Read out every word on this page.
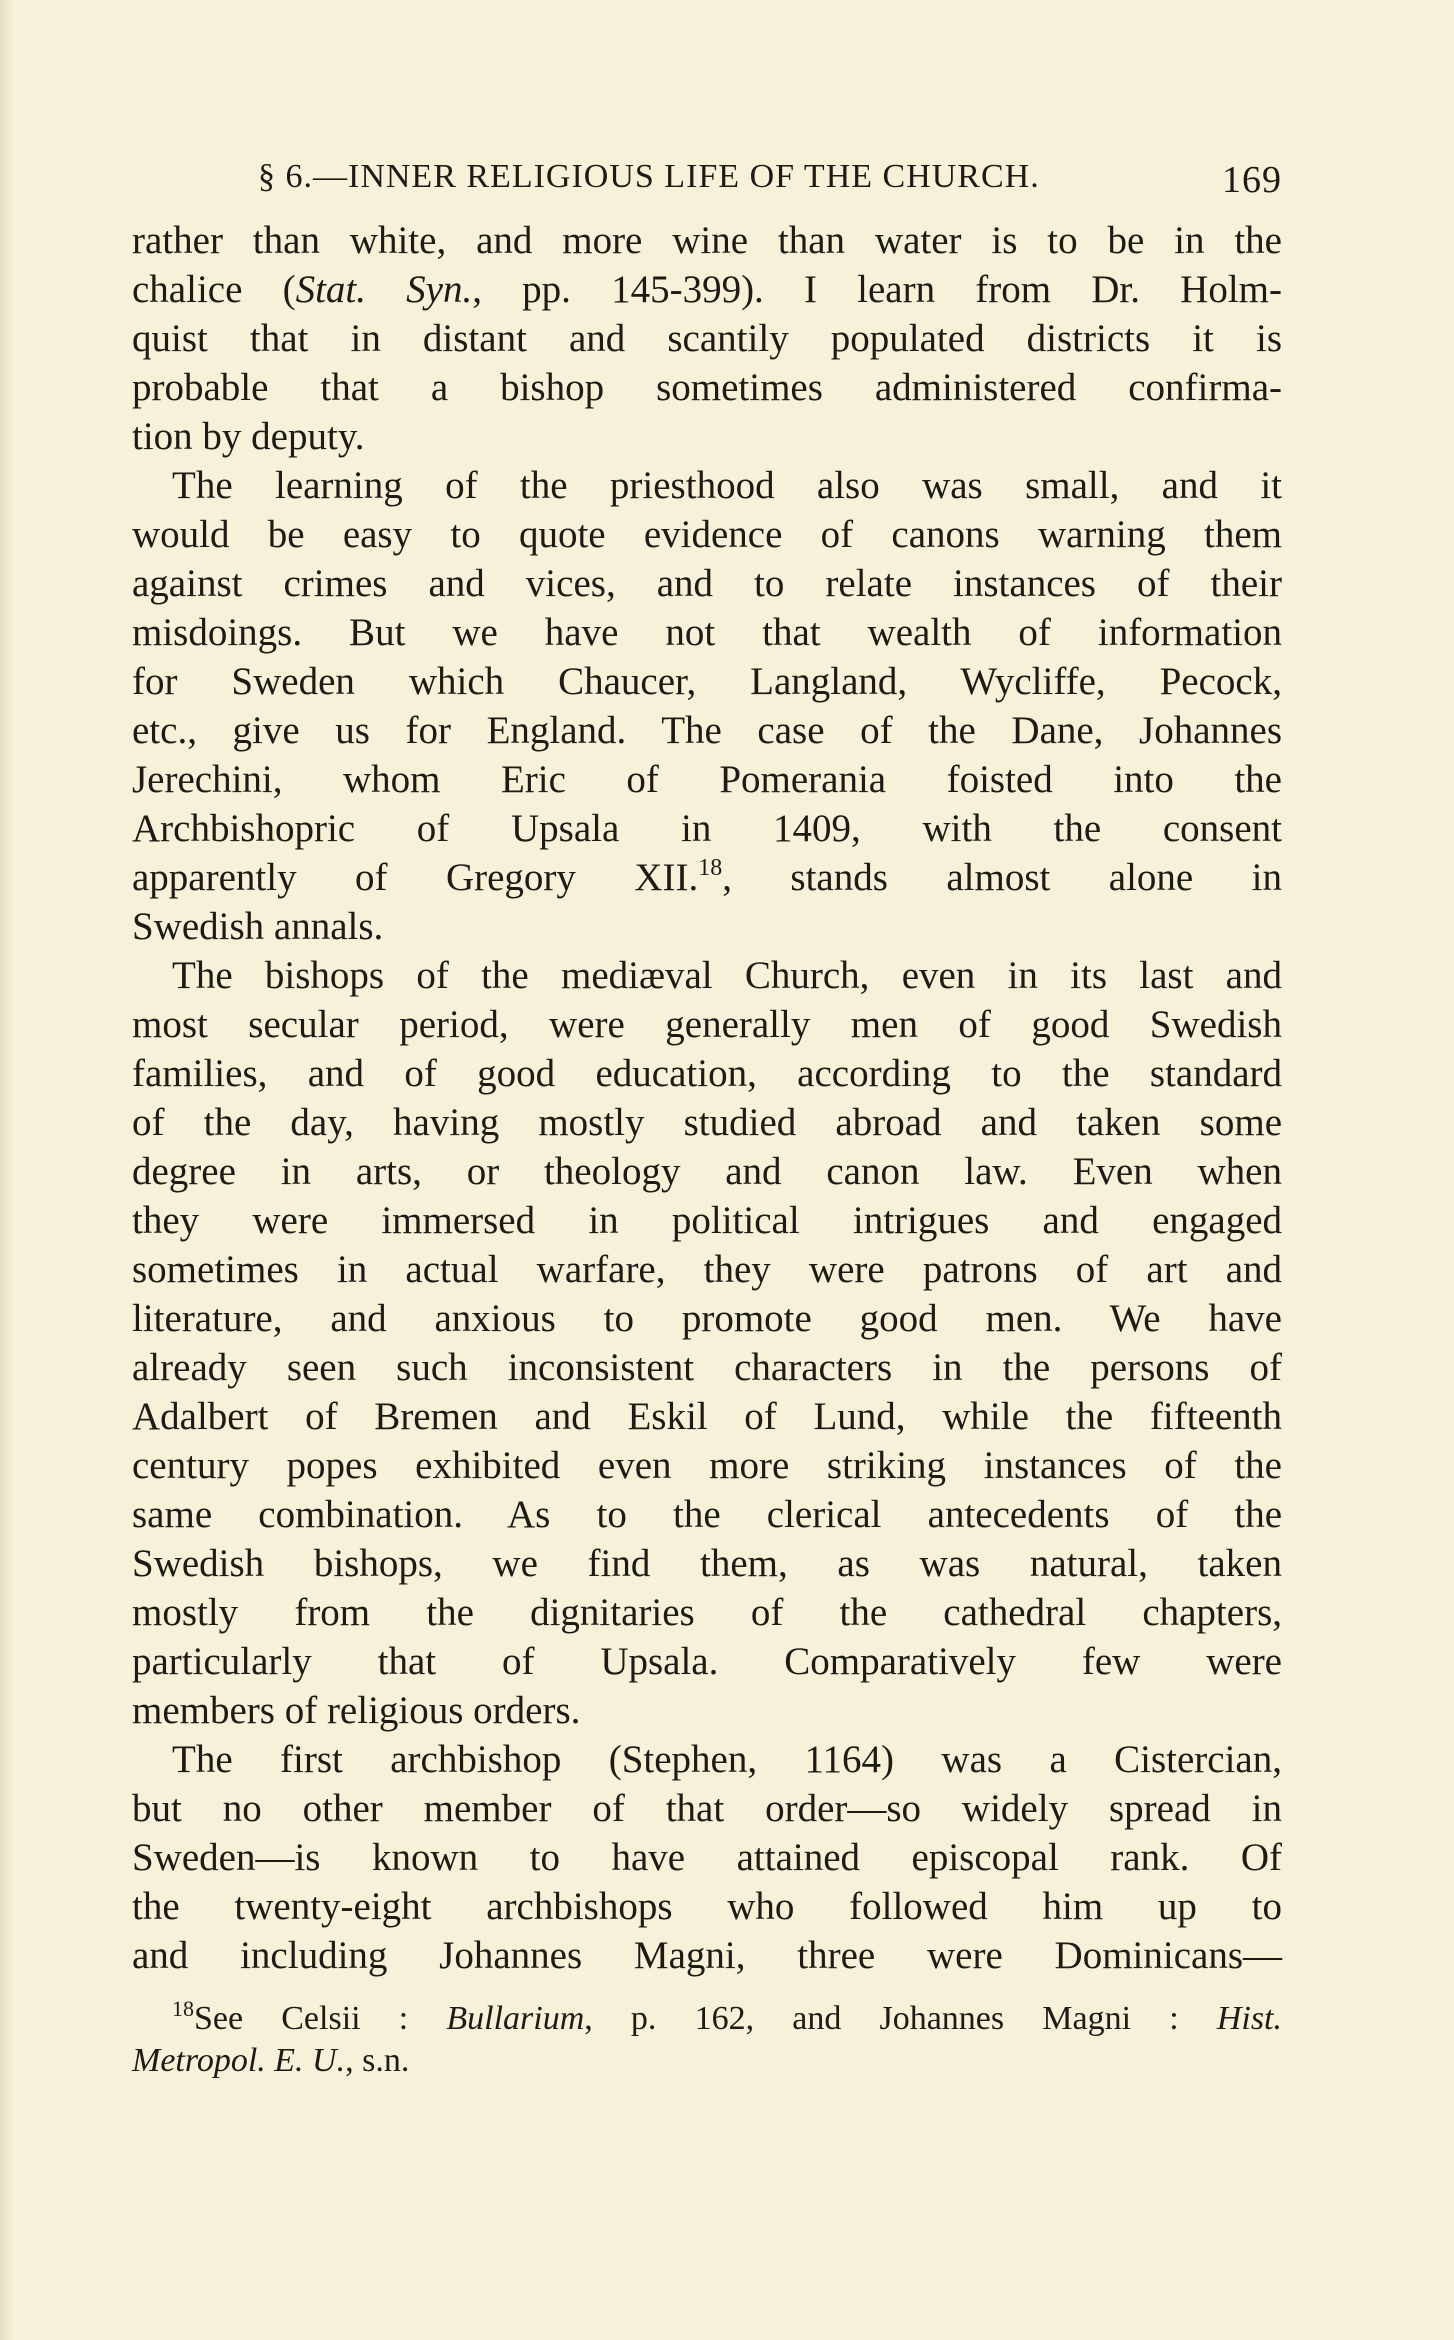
§ 6.—INNER RELIGIOUS LIFE OF THE CHURCH.	169
rather than white, and more wine than water is to be in the
chalice (Stat. Syn., pp. 145-399). I learn from Dr. Holm-
quist that in distant and scantily populated districts it is
probable that a bishop sometimes administered confirma-
tion by deputy.
The learning of the priesthood also was small, and it
would be easy to quote evidence of canons warning them
against crimes and vices, and to relate instances of their
misdoings. But we have not that wealth of information
for Sweden which Chaucer, Langland, Wycliffe, Pecock,
etc., give us for England. The case of the Dane, Johannes
Jerechini, whom Eric of Pomerania foisted into the
Archbishopric of Upsala in 1409, with the consent
apparently of Gregory XII.$^{18}$, stands almost alone in
Swedish annals.
The bishops of the mediæval Church, even in its last and
most secular period, were generally men of good Swedish
families, and of good education, according to the standard
of the day, having mostly studied abroad and taken some
degree in arts, or theology and canon law. Even when
they were immersed in political intrigues and engaged
sometimes in actual warfare, they were patrons of art and
literature, and anxious to promote good men. We have
already seen such inconsistent characters in the persons of
Adalbert of Bremen and Eskil of Lund, while the fifteenth
century popes exhibited even more striking instances of the
same combination. As to the clerical antecedents of the
Swedish bishops, we find them, as was natural, taken
mostly from the dignitaries of the cathedral chapters,
particularly that of Upsala. Comparatively few were
members of religious orders.
The first archbishop (Stephen, 1164) was a Cistercian,
but no other member of that order—so widely spread in
Sweden—is known to have attained episcopal rank. Of
the twenty-eight archbishops who followed him up to
and including Johannes Magni, three were Dominicans—
$^{18}$See Celsii : Bullarium, p. 162, and Johannes Magni : Hist.
Metropol. E. U., s.n.
